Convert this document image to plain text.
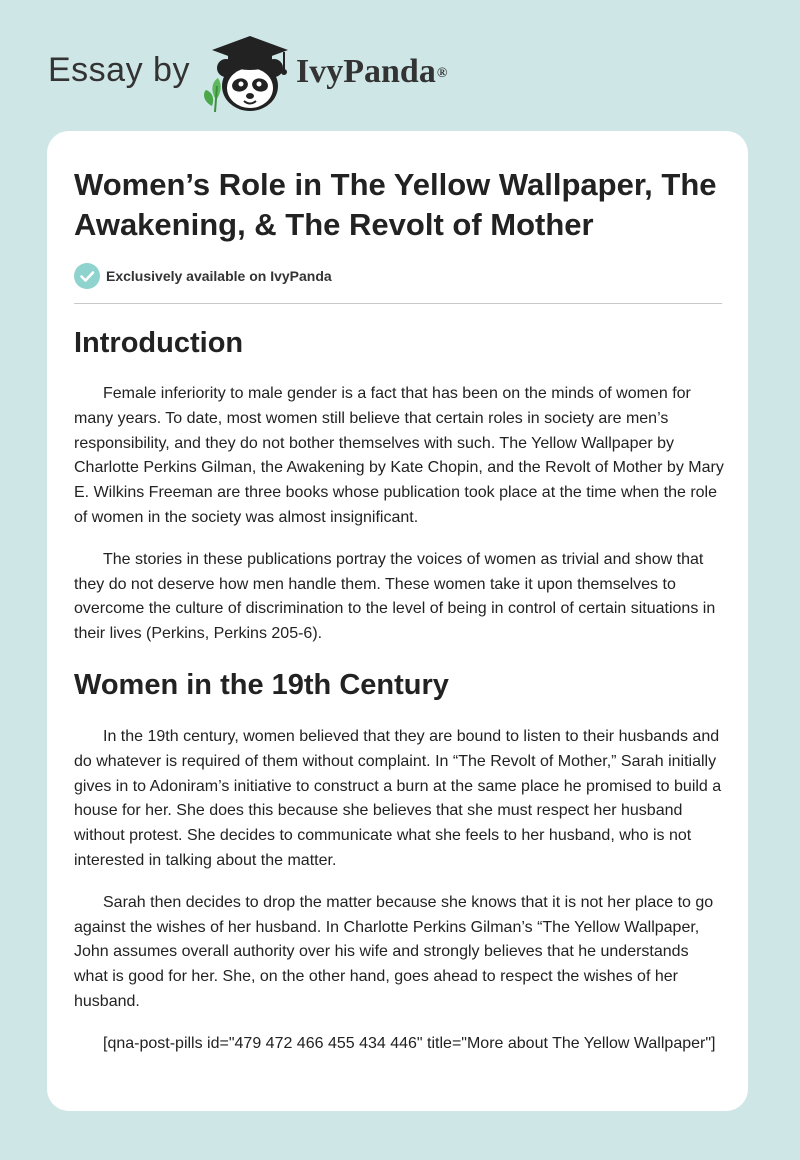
Essay by	IvyPanda®
Women’s Role in The Yellow Wallpaper, The Awakening, & The Revolt of Mother
Exclusively available on IvyPanda
Introduction

Female inferiority to male gender is a fact that has been on the minds of women for many years. To date, most women still believe that certain roles in society are men’s responsibility, and they do not bother themselves with such. The Yellow Wallpaper by Charlotte Perkins Gilman, the Awakening by Kate Chopin, and the Revolt of Mother by Mary E. Wilkins Freeman are three books whose publication took place at the time when the role of women in the society was almost insignificant.

The stories in these publications portray the voices of women as trivial and show that they do not deserve how men handle them. These women take it upon themselves to overcome the culture of discrimination to the level of being in control of certain situations in their lives (Perkins, Perkins 205-6).

Women in the 19th Century

In the 19th century, women believed that they are bound to listen to their husbands and do whatever is required of them without complaint. In “The Revolt of Mother,” Sarah initially gives in to Adoniram’s initiative to construct a burn at the same place he promised to build a house for her. She does this because she believes that she must respect her husband without protest. She decides to communicate what she feels to her husband, who is not interested in talking about the matter.

Sarah then decides to drop the matter because she knows that it is not her place to go against the wishes of her husband. In Charlotte Perkins Gilman’s “The Yellow Wallpaper, John assumes overall authority over his wife and strongly believes that he understands what is good for her. She, on the other hand, goes ahead to respect the wishes of her husband.

[qna-post-pills id="479 472 466 455 434 446" title="More about The Yellow Wallpaper"]
